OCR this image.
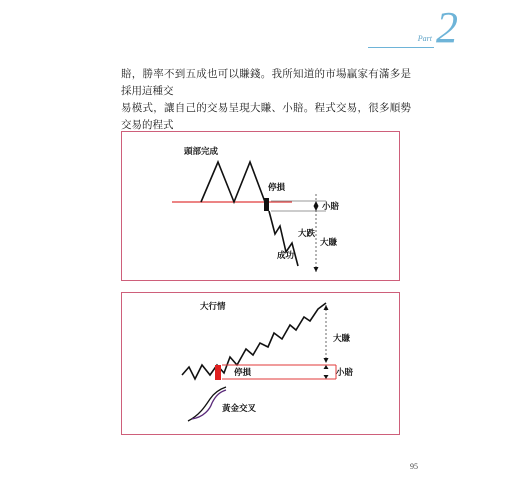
Part 2

賠，勝率不到五成也可以賺錢。我所知道的市場贏家有滿多是採用這種交
易模式，讓自己的交易呈現大賺、小賠。程式交易，很多順勢交易的程式

頭部完成
停損
小賠
大跌
大賺
成功
大行情
大賺
停損	小賠
黃金交叉
95
